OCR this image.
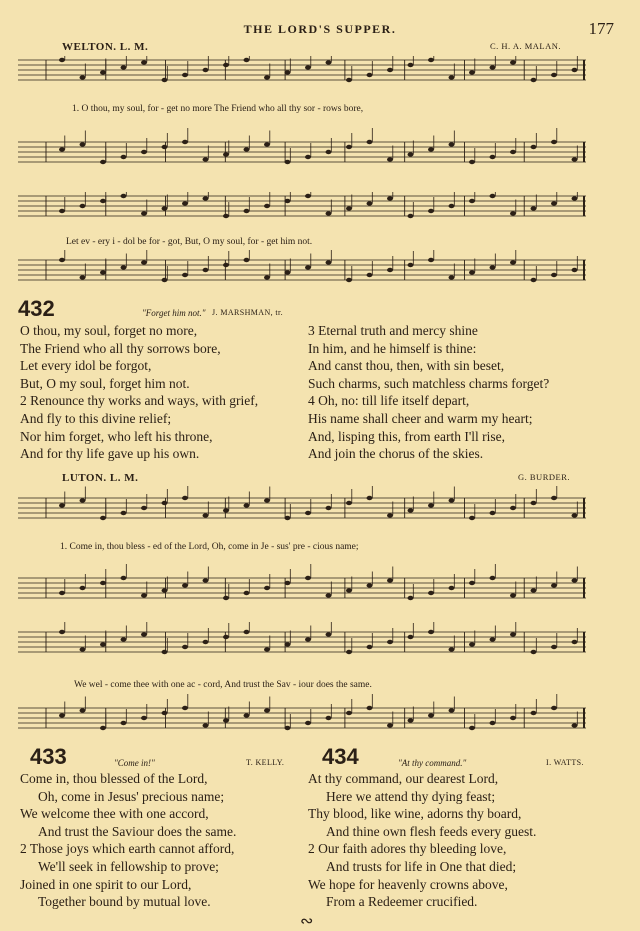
THE LORD'S SUPPER.	177
WELTON. L. M.	C. H. A. MALAN.
1. O thou, my soul, for - get no more The Friend who all thy sor - rows bore,
Let ev - ery i - dol be for - got, But, O my soul, for - get him not.
432	"Forget him not." J. MARSHMAN, tr.
O thou, my soul, forget no more,
The Friend who all thy sorrows bore,
Let every idol be forgot,
But, O my soul, forget him not.
2 Renounce thy works and ways, with grief,
And fly to this divine relief;
Nor him forget, who left his throne,
And for thy life gave up his own.
3 Eternal truth and mercy shine
In him, and he himself is thine:
And canst thou, then, with sin beset,
Such charms, such matchless charms forget?
4 Oh, no: till life itself depart,
His name shall cheer and warm my heart;
And, lisping this, from earth I'll rise,
And join the chorus of the skies.
LUTON. L. M.	G. BURDER.
1. Come in, thou bless - ed of the Lord, Oh, come in Je - sus' pre - cious name;
We wel - come thee with one ac - cord, And trust the Sav - iour does the same.
433	"Come in!"	T. KELLY.
Come in, thou blessed of the Lord,
Oh, come in Jesus' precious name;
We welcome thee with one accord,
And trust the Saviour does the same.
2 Those joys which earth cannot afford,
We'll seek in fellowship to prove;
Joined in one spirit to our Lord,
Together bound by mutual love.
434	"At thy command."	I. WATTS.
At thy command, our dearest Lord,
Here we attend thy dying feast;
Thy blood, like wine, adorns thy board,
And thine own flesh feeds every guest.
2 Our faith adores thy bleeding love,
And trusts for life in One that died;
We hope for heavenly crowns above,
From a Redeemer crucified.
∾
